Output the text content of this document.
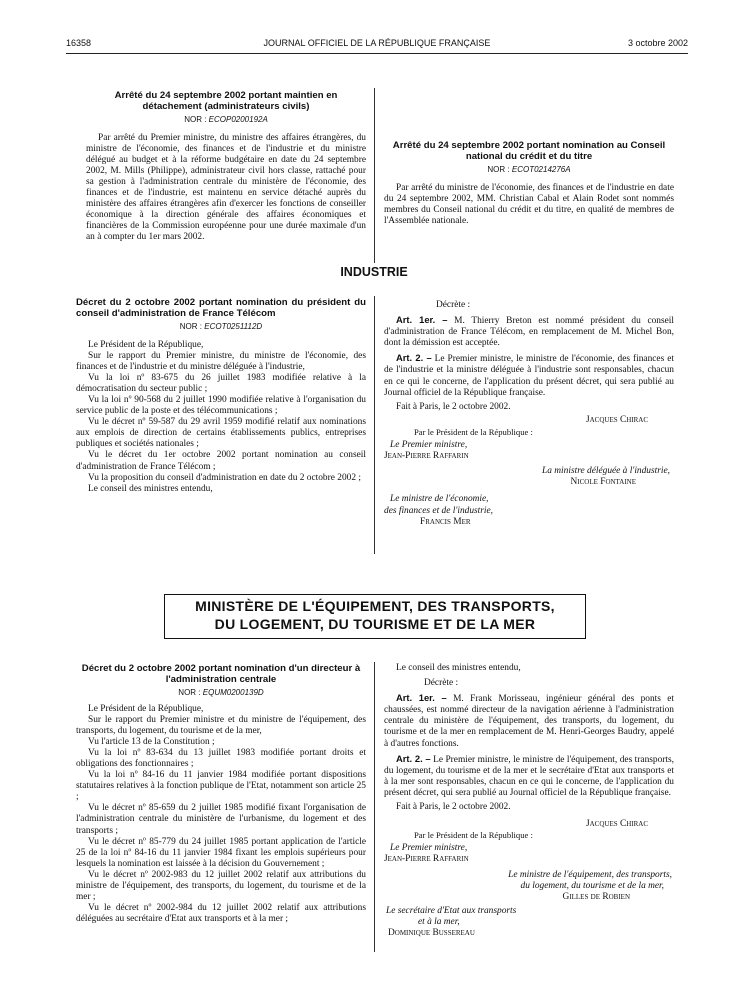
16358	JOURNAL OFFICIEL DE LA RÉPUBLIQUE FRANÇAISE	3 octobre 2002
Arrêté du 24 septembre 2002 portant maintien en détachement (administrateurs civils)
NOR : ECOP0200192A

Par arrêté du Premier ministre, du ministre des affaires étrangères, du ministre de l'économie, des finances et de l'industrie et du ministre délégué au budget et à la réforme budgétaire en date du 24 septembre 2002, M. Mills (Philippe), administrateur civil hors classe, rattaché pour sa gestion à l'administration centrale du ministère de l'économie, des finances et de l'industrie, est maintenu en service détaché auprès du ministère des affaires étrangères afin d'exercer les fonctions de conseiller économique à la direction générale des affaires économiques et financières de la Commission européenne pour une durée maximale d'un an à compter du 1er mars 2002.

Arrêté du 24 septembre 2002 portant nomination au Conseil national du crédit et du titre
NOR : ECOT0214276A

Par arrêté du ministre de l'économie, des finances et de l'industrie en date du 24 septembre 2002, MM. Christian Cabal et Alain Rodet sont nommés membres du Conseil national du crédit et du titre, en qualité de membres de l'Assemblée nationale.

INDUSTRIE
Décret du 2 octobre 2002 portant nomination du président du conseil d'administration de France Télécom
NOR : ECOT0251112D

Le Président de la République,

Sur le rapport du Premier ministre, du ministre de l'économie, des finances et de l'industrie et du ministre déléguée à l'industrie,

Vu la loi nº 83-675 du 26 juillet 1983 modifiée relative à la démocratisation du secteur public ;

Vu la loi nº 90-568 du 2 juillet 1990 modifiée relative à l'organisation du service public de la poste et des télécommunications ;

Vu le décret nº 59-587 du 29 avril 1959 modifié relatif aux nominations aux emplois de direction de certains établissements publics, entreprises publiques et sociétés nationales ;

Vu le décret du 1er octobre 2002 portant nomination au conseil d'administration de France Télécom ;

Vu la proposition du conseil d'administration en date du 2 octobre 2002 ;

Le conseil des ministres entendu,

Décrète :

Art. 1er. – M. Thierry Breton est nommé président du conseil d'administration de France Télécom, en remplacement de M. Michel Bon, dont la démission est acceptée.

Art. 2. – Le Premier ministre, le ministre de l'économie, des finances et de l'industrie et la ministre déléguée à l'industrie sont responsables, chacun en ce qui le concerne, de l'application du présent décret, qui sera publié au Journal officiel de la République française.

Fait à Paris, le 2 octobre 2002.

Jacques Chirac
Par le Président de la République :
Le Premier ministre,
Jean-Pierre Raffarin
La ministre déléguée à l'industrie,
Nicole Fontaine
Le ministre de l'économie,
des finances et de l'industrie,
Francis Mer
MINISTÈRE DE L'ÉQUIPEMENT, DES TRANSPORTS,
DU LOGEMENT, DU TOURISME ET DE LA MER
Décret du 2 octobre 2002 portant nomination d'un directeur à l'administration centrale
NOR : EQUM0200139D

Le Président de la République,

Sur le rapport du Premier ministre et du ministre de l'équipement, des transports, du logement, du tourisme et de la mer,

Vu l'article 13 de la Constitution ;

Vu la loi nº 83-634 du 13 juillet 1983 modifiée portant droits et obligations des fonctionnaires ;

Vu la loi nº 84-16 du 11 janvier 1984 modifiée portant dispositions statutaires relatives à la fonction publique de l'Etat, notamment son article 25 ;

Vu le décret nº 85-659 du 2 juillet 1985 modifié fixant l'organisation de l'administration centrale du ministère de l'urbanisme, du logement et des transports ;

Vu le décret nº 85-779 du 24 juillet 1985 portant application de l'article 25 de la loi nº 84-16 du 11 janvier 1984 fixant les emplois supérieurs pour lesquels la nomination est laissée à la décision du Gouvernement ;

Vu le décret nº 2002-983 du 12 juillet 2002 relatif aux attributions du ministre de l'équipement, des transports, du logement, du tourisme et de la mer ;

Vu le décret nº 2002-984 du 12 juillet 2002 relatif aux attributions déléguées au secrétaire d'Etat aux transports et à la mer ;

Le conseil des ministres entendu,

Décrète :

Art. 1er. – M. Frank Morisseau, ingénieur général des ponts et chaussées, est nommé directeur de la navigation aérienne à l'administration centrale du ministère de l'équipement, des transports, du logement, du tourisme et de la mer en remplacement de M. Henri-Georges Baudry, appelé à d'autres fonctions.

Art. 2. – Le Premier ministre, le ministre de l'équipement, des transports, du logement, du tourisme et de la mer et le secrétaire d'Etat aux transports et à la mer sont responsables, chacun en ce qui le concerne, de l'application du présent décret, qui sera publié au Journal officiel de la République française.

Fait à Paris, le 2 octobre 2002.

Jacques Chirac
Par le Président de la République :
Le Premier ministre,
Jean-Pierre Raffarin
Le ministre de l'équipement, des transports,
du logement, du tourisme et de la mer,
Gilles de Robien
Le secrétaire d'Etat aux transports
et à la mer,
Dominique Bussereau
